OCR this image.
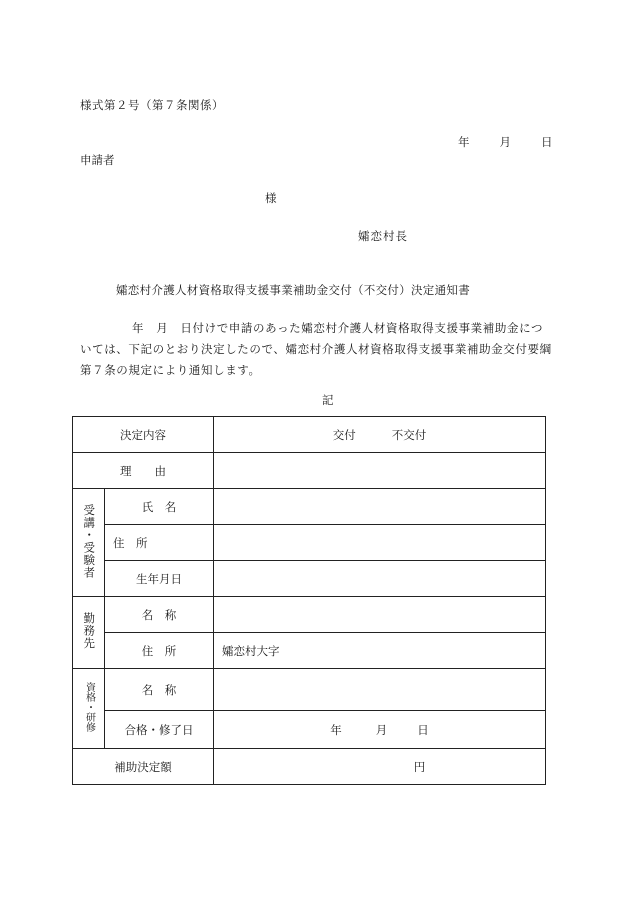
様式第２号（第７条関係）
年	月	日
申請者
様
孀恋村長
孀恋村介護人材資格取得支援事業補助金交付（不交付）決定通知書
年　月　日付けで申請のあった孀恋村介護人材資格取得支援事業補助金については、下記のとおり決定したので、孀恋村介護人材資格取得支援事業補助金交付要綱第７条の規定により通知します。
記
決定内容		交付 不交付
理　　由		
受講・受験者	氏　名	
	住　所	
	生年月日	
勤務先	名　称	
	住　所	孀恋村大字
資格・研修	名　称	
	合格・修了日	年 月 日
補助決定額		円
